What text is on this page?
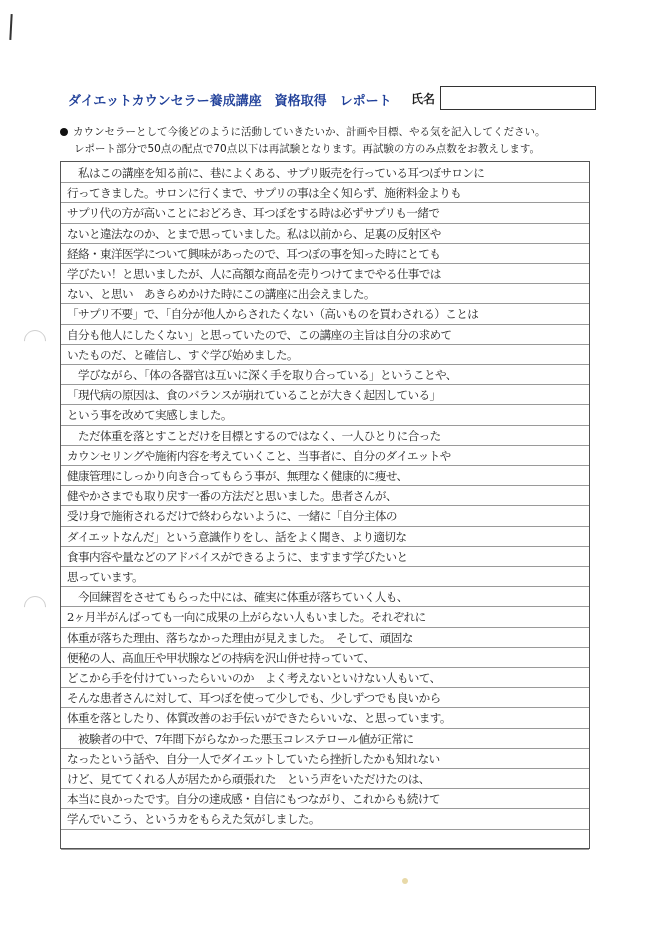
ダイエットカウンセラー養成講座　資格取得　レポート 氏名
カウンセラーとして今後どのように活動していきたいか、計画や目標、やる気を記入してください。
レポート部分で50点の配点で70点以下は再試験となります。再試験の方のみ点数をお教えします。
　私はこの講座を知る前に、巷によくある、サプリ販売を行っている耳つぼサロンに
行ってきました。サロンに行くまで、サプリの事は全く知らず、施術料金よりも
サプリ代の方が高いことにおどろき、耳つぼをする時は必ずサプリも一緒で
ないと違法なのか、とまで思っていました。私は以前から、足裏の反射区や
経絡・東洋医学について興味があったので、耳つぼの事を知った時にとても
学びたい！と思いましたが、人に高額な商品を売りつけてまでやる仕事では
ない、と思い　あきらめかけた時にこの講座に出会えました。
「サプリ不要」で、「自分が他人からされたくない（高いものを買わされる）ことは
自分も他人にしたくない」と思っていたので、この講座の主旨は自分の求めて
いたものだ、と確信し、すぐ学び始めました。
　学びながら、「体の各器官は互いに深く手を取り合っている」ということや、
「現代病の原因は、食のバランスが崩れていることが大きく起因している」
という事を改めて実感しました。
　ただ体重を落とすことだけを目標とするのではなく、一人ひとりに合った
カウンセリングや施術内容を考えていくこと、当事者に、自分のダイエットや
健康管理にしっかり向き合ってもらう事が、無理なく健康的に痩せ、
健やかさまでも取り戻す一番の方法だと思いました。患者さんが、
受け身で施術されるだけで終わらないように、一緒に「自分主体の
ダイエットなんだ」という意識作りをし、話をよく聞き、より適切な
食事内容や量などのアドバイスができるように、ますます学びたいと
思っています。
　今回練習をさせてもらった中には、確実に体重が落ちていく人も、
2ヶ月半がんばっても一向に成果の上がらない人もいました。それぞれに
体重が落ちた理由、落ちなかった理由が見えました。　そして、頑固な
便秘の人、高血圧や甲状腺などの持病を沢山併せ持っていて、
どこから手を付けていったらいいのか　よく考えないといけない人もいて、
そんな患者さんに対して、耳つぼを使って少しでも、少しずつでも良いから
体重を落としたり、体質改善のお手伝いができたらいいな、と思っています。
　被験者の中で、7年間下がらなかった悪玉コレステロール値が正常に
なったという話や、自分一人でダイエットしていたら挫折したかも知れない
けど、見ててくれる人が居たから頑張れた　という声をいただけたのは、
本当に良かったです。自分の達成感・自信にもつながり、これからも続けて
学んでいこう、というカをもらえた気がしました。
